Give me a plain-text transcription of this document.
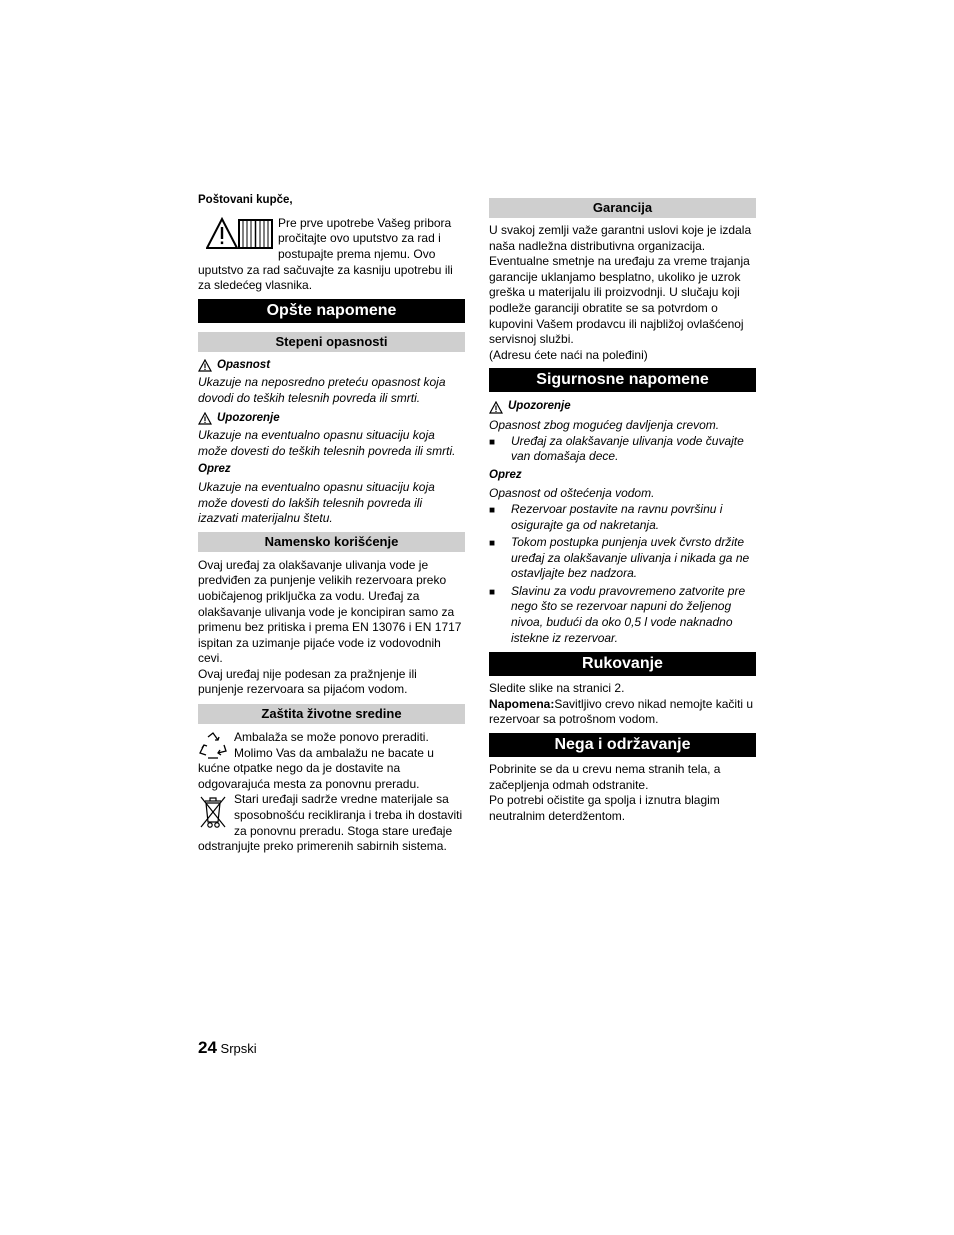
Poštovani kupče,

Pre prve upotrebe Vašeg pribora

pročitajte ovo uputstvo za rad i

postupajte prema njemu. Ovo

uputstvo za rad sačuvajte za kasniju upotrebu ili za sledećeg vlasnika.

Opšte napomene
Stepeni opasnosti
Opasnost

Ukazuje na neposredno preteću opasnost koja dovodi do teških telesnih povreda ili smrti.

Upozorenje

Ukazuje na eventualno opasnu situaciju koja može dovesti do teških telesnih povreda ili smrti.

Oprez

Ukazuje na eventualno opasnu situaciju koja može dovesti do lakših telesnih povreda ili izazvati materijalnu štetu.

Namensko korišćenje

Ovaj uređaj za olakšavanje ulivanja vode je predviđen za punjenje velikih rezervoara preko uobičajenog priključka za vodu. Uređaj za olakšavanje ulivanja vode je koncipiran samo za primenu bez pritiska i prema EN 13076 i EN 1717 ispitan za uzimanje pijaće vode iz vodovodnih cevi.

Ovaj uređaj nije podesan za pražnjenje ili punjenje rezervoara sa pijaćom vodom.

Zaštita životne sredine

Ambalaža se može ponovo preraditi. Molimo Vas da ambalažu ne bacate u kućne otpatke nego da je dostavite na odgovarajuća mesta za ponovnu preradu.

Stari uređaji sadrže vredne materijale sa sposobnošću recikliranja i treba ih dostaviti za ponovnu preradu. Stoga stare uređaje odstranjujte preko primerenih sabirnih sistema.

Garancija

U svakoj zemlji važe garantni uslovi koje je izdala naša nadležna distributivna organizacija. Eventualne smetnje na uređaju za vreme trajanja garancije uklanjamo besplatno, ukoliko je uzrok greška u materijalu ili proizvodnji. U slučaju koji podleže garanciji obratite se sa potvrdom o kupovini Vašem prodavcu ili najbližoj ovlašćenoj servisnoj službi.

(Adresu ćete naći na poleđini)

Sigurnosne napomene
Upozorenje

Opasnost zbog mogućeg davljenja crevom.

■	Uređaj za olakšavanje ulivanja vode čuvajte van domašaja dece.

Oprez

Opasnost od oštećenja vodom.

■	Rezervoar postavite na ravnu površinu i osigurajte ga od nakretanja.
■	Tokom postupka punjenja uvek čvrsto držite uređaj za olakšavanje ulivanja i nikada ga ne ostavljajte bez nadzora.
■	Slavinu za vodu pravovremeno zatvorite pre nego što se rezervoar napuni do željenog nivoa, budući da oko 0,5 l vode naknadno istekne iz rezervoar.
Rukovanje

Sledite slike na stranici 2.

Napomena:Savitljivo crevo nikad nemojte kačiti u rezervoar sa potrošnom vodom.

Nega i održavanje

Pobrinite se da u crevu nema stranih tela, a začepljenja odmah odstranite.

Po potrebi očistite ga spolja i iznutra blagim neutralnim deterdžentom.

24 Srpski
